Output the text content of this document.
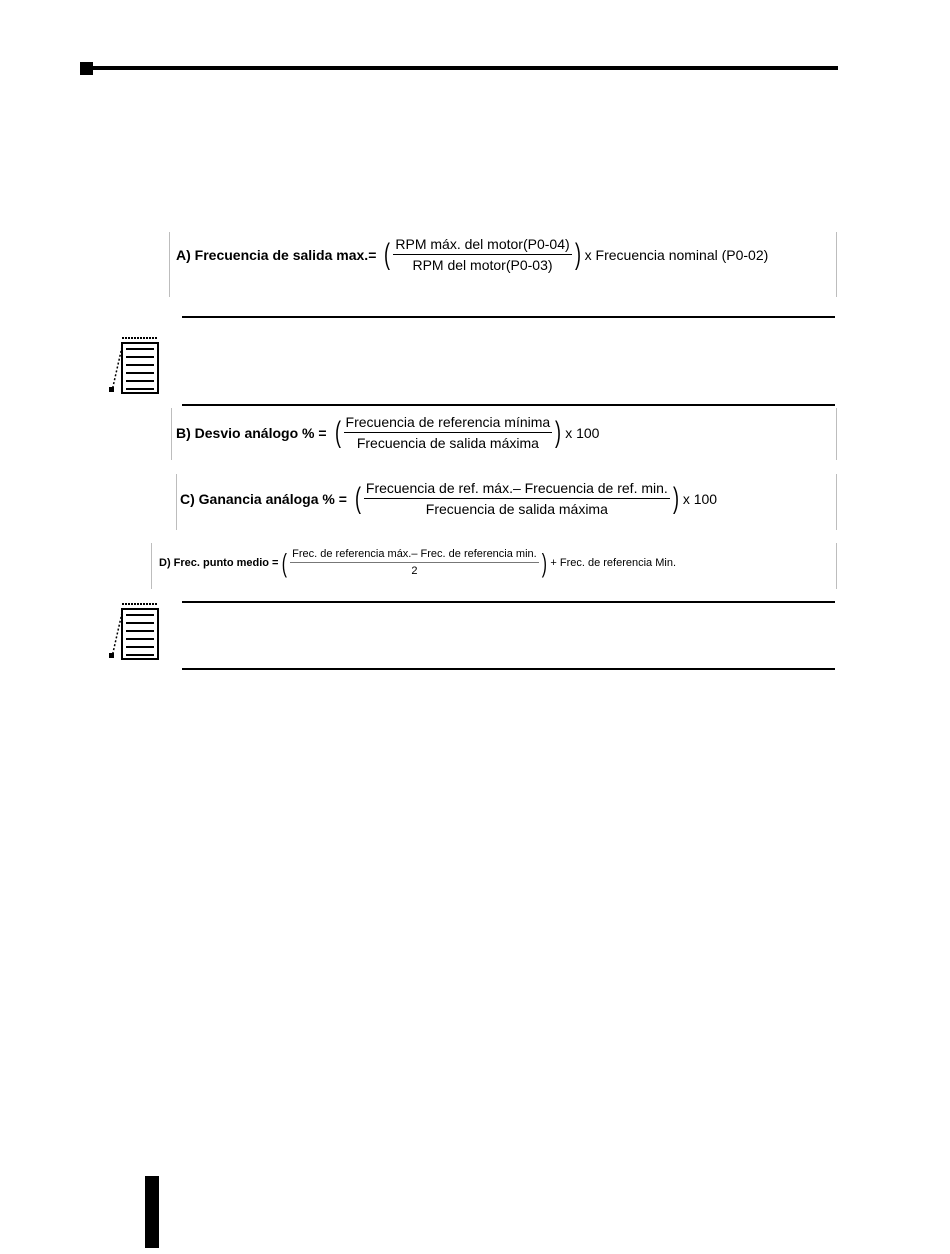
A) Frecuencia de salida max.= ( $\frac{\text{RPM máx. del motor(P0-04)}}{\text{RPM del motor(P0-03)}}$ ) x Frecuencia nominal (P0-02)
B) Desvio análogo % = ( $\frac{\text{Frecuencia de referencia mínima}}{\text{Frecuencia de salida máxima}}$ ) x 100
C) Ganancia análoga % = ( $\frac{\text{Frecuencia de ref. máx.– Frecuencia de ref. min.}}{\text{Frecuencia de salida máxima}}$ ) x 100
D) Frec. punto medio = ( $\frac{\text{Frec. de referencia máx.– Frec. de referencia min.}}{2}$ ) + Frec. de referencia Min.
